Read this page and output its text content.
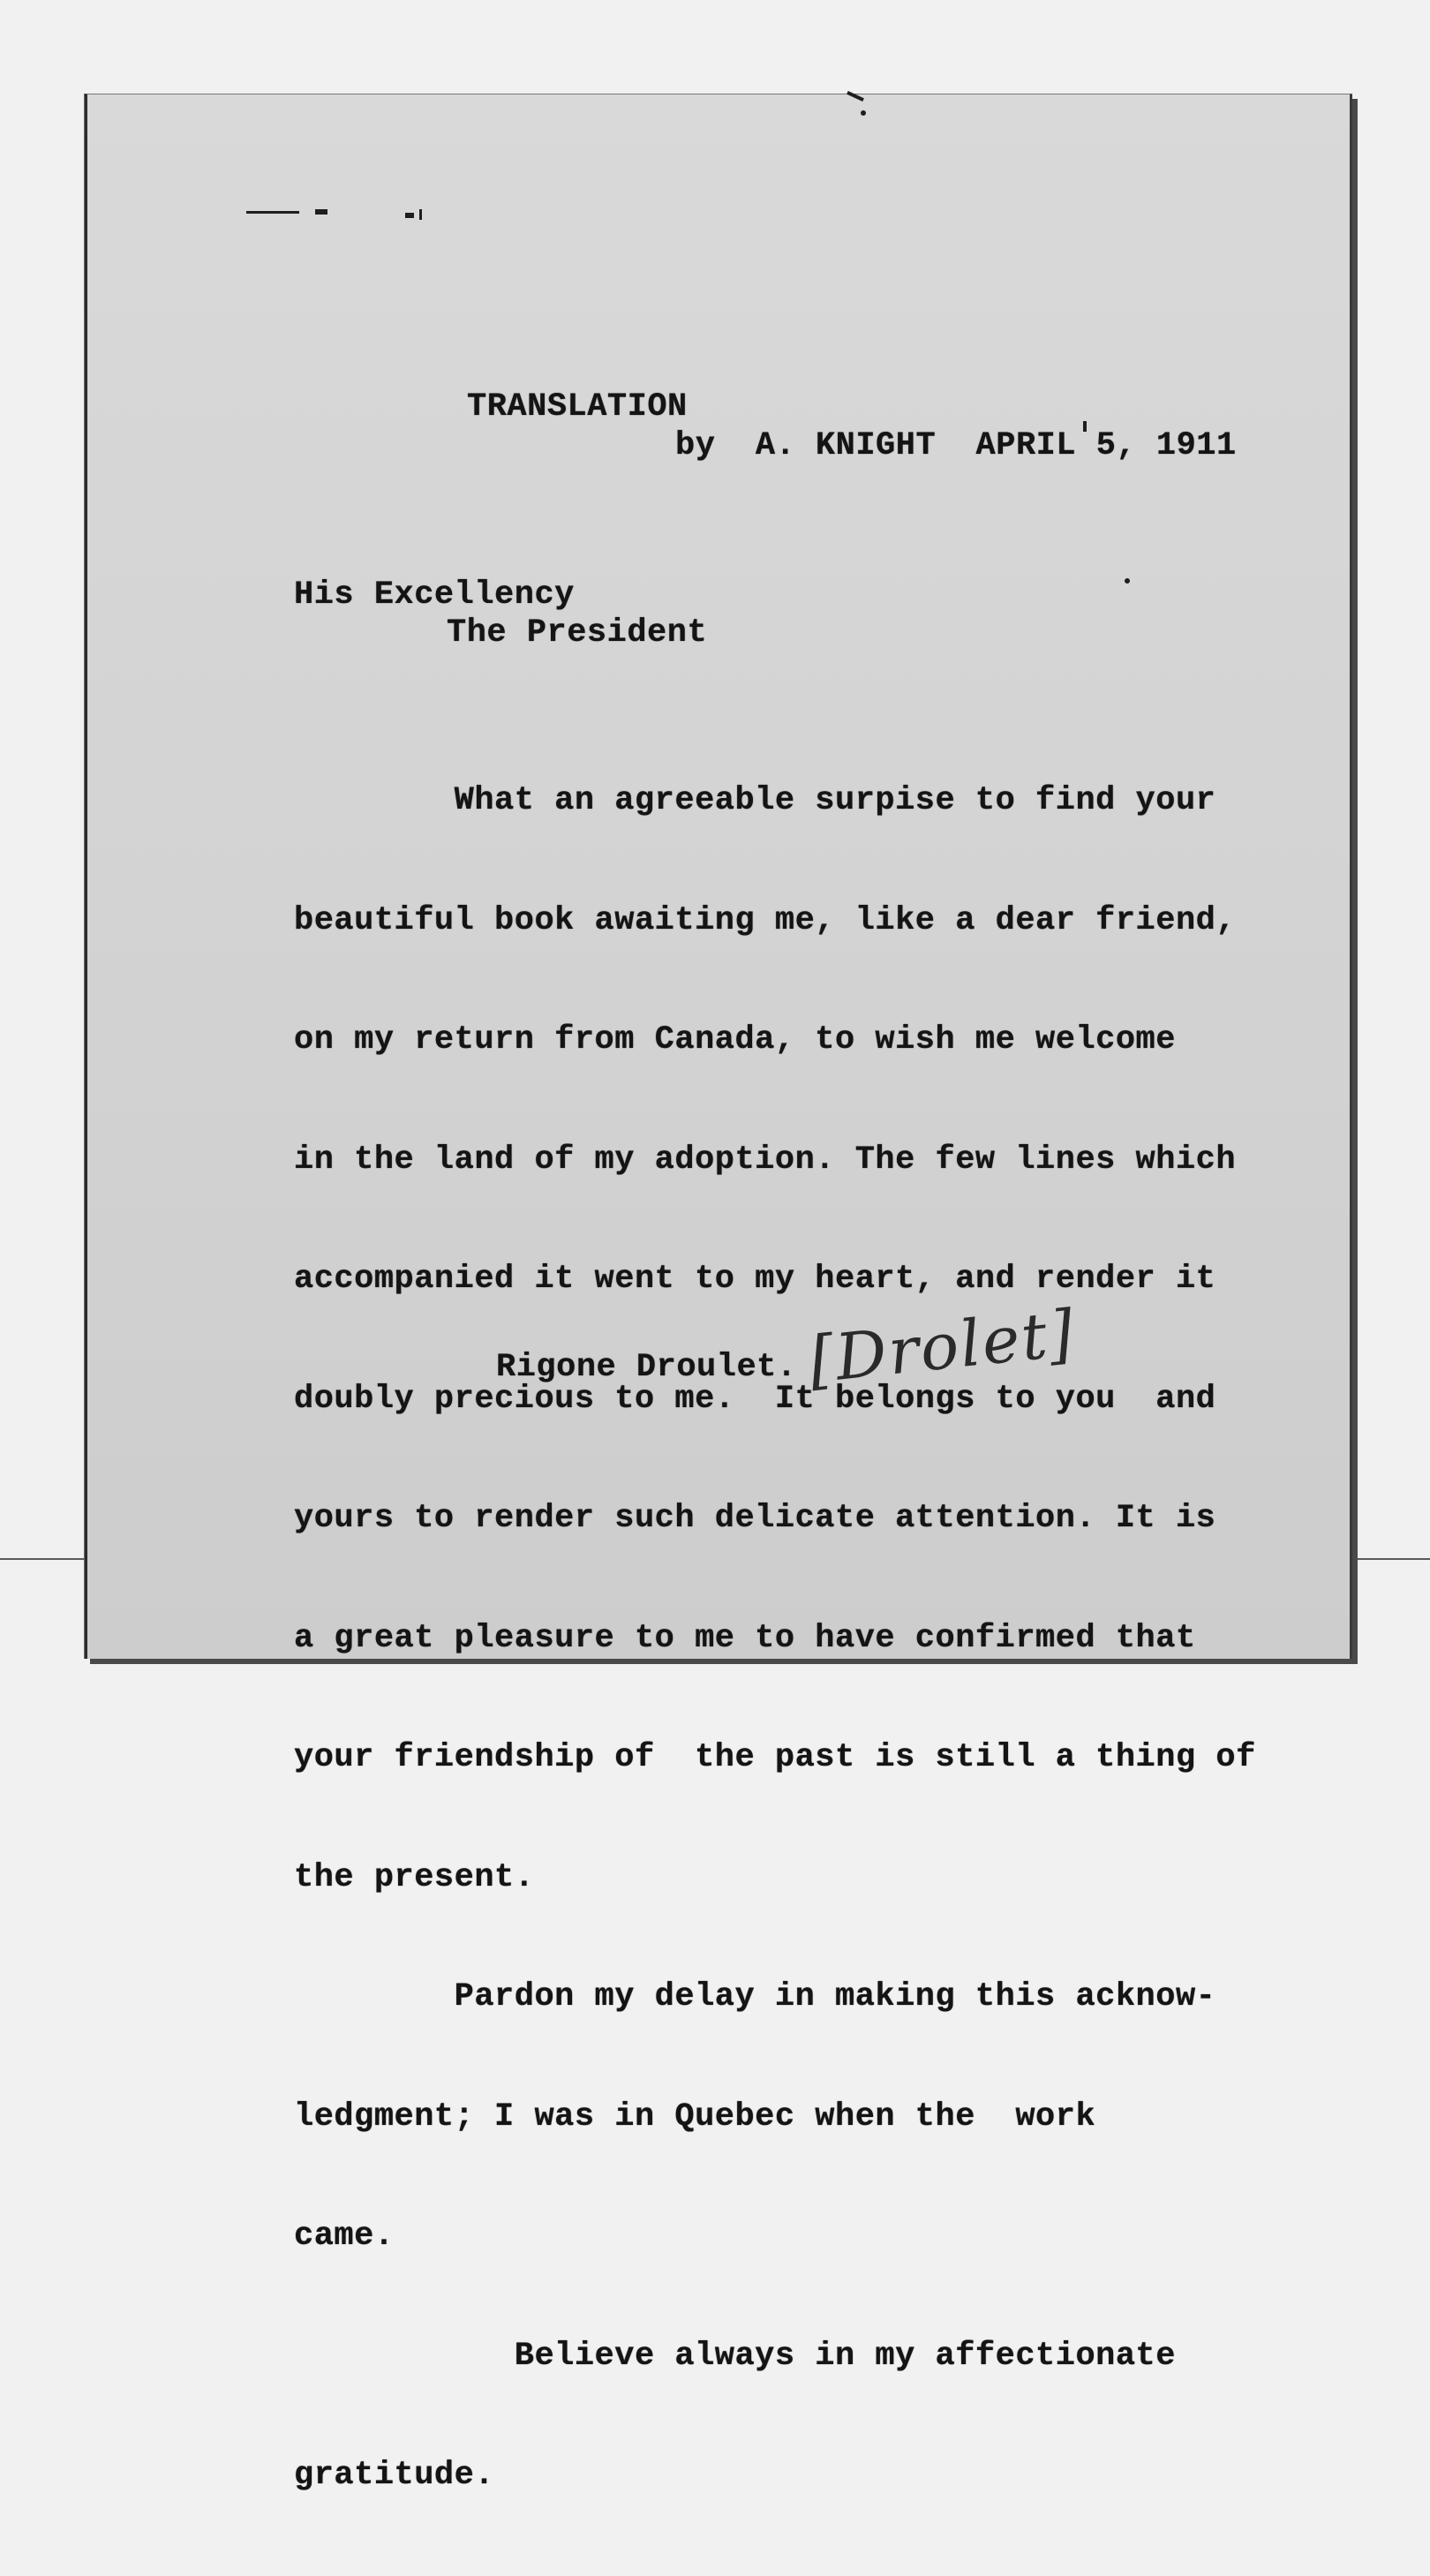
TRANSLATION
by  A. KNIGHT  APRIL 5, 1911
His Excellency
The President

What an agreeable surpise to find your

beautiful book awaiting me, like a dear friend,

on my return from Canada, to wish me welcome

in the land of my adoption. The few lines which

accompanied it went to my heart, and render it

doubly precious to me.  It belongs to you  and

yours to render such delicate attention. It is

a great pleasure to me to have confirmed that

your friendship of  the past is still a thing of

the present.

Pardon my delay in making this acknow-

ledgment; I was in Quebec when the  work

came.

Believe always in my affectionate

gratitude.

Rigone Droulet. [Drolet]
